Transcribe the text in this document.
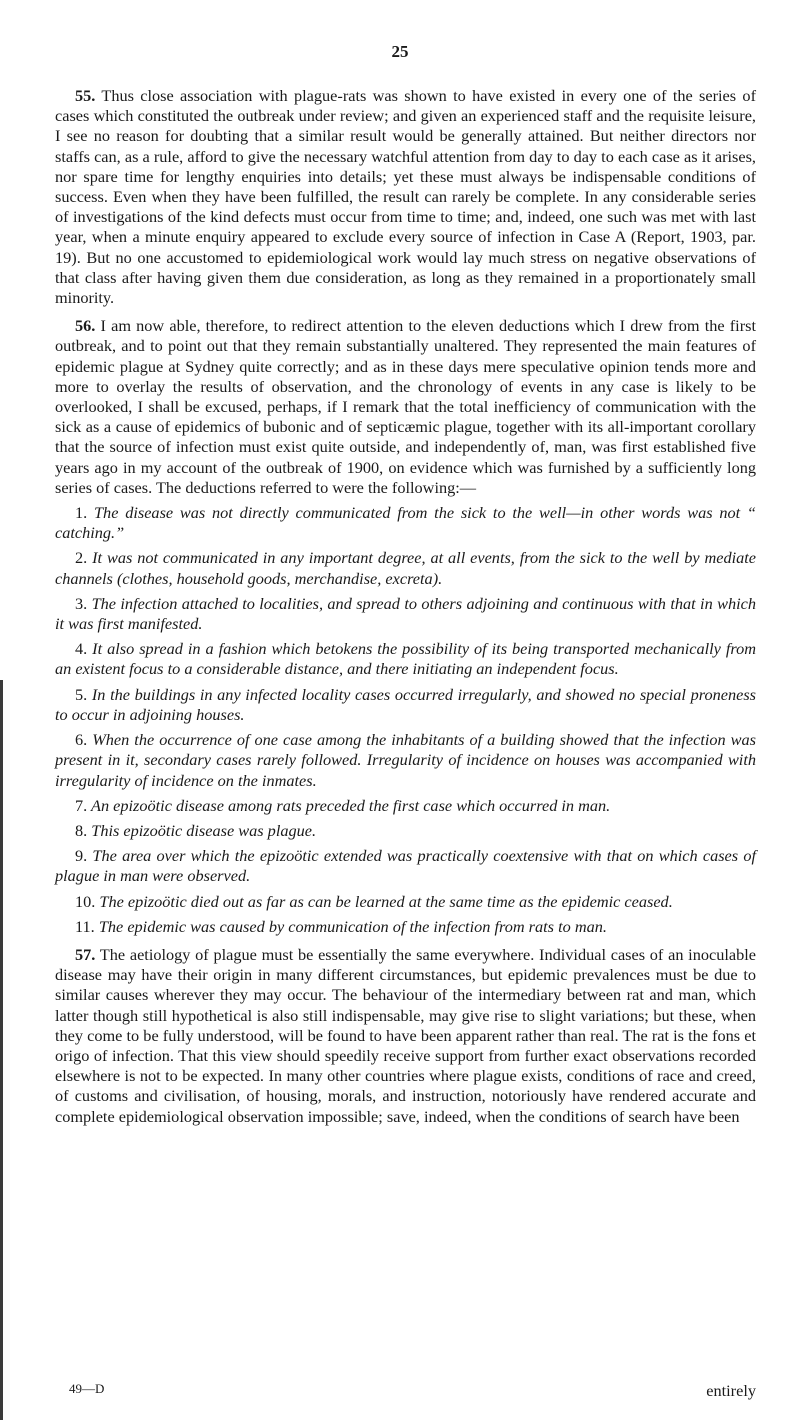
25

55. Thus close association with plague-rats was shown to have existed in every one of the series of cases which constituted the outbreak under review; and given an experienced staff and the requisite leisure, I see no reason for doubting that a similar result would be generally attained. But neither directors nor staffs can, as a rule, afford to give the necessary watchful attention from day to day to each case as it arises, nor spare time for lengthy enquiries into details; yet these must always be indispensable conditions of success. Even when they have been fulfilled, the result can rarely be complete. In any considerable series of investigations of the kind defects must occur from time to time; and, indeed, one such was met with last year, when a minute enquiry appeared to exclude every source of infection in Case A (Report, 1903, par. 19). But no one accustomed to epidemiological work would lay much stress on negative observations of that class after having given them due consideration, as long as they remained in a proportionately small minority.

56. I am now able, therefore, to redirect attention to the eleven deductions which I drew from the first outbreak, and to point out that they remain substantially unaltered. They represented the main features of epidemic plague at Sydney quite correctly; and as in these days mere speculative opinion tends more and more to overlay the results of observation, and the chronology of events in any case is likely to be overlooked, I shall be excused, perhaps, if I remark that the total inefficiency of communication with the sick as a cause of epidemics of bubonic and of septicæmic plague, together with its all-important corollary that the source of infection must exist quite outside, and independently of, man, was first established five years ago in my account of the outbreak of 1900, on evidence which was furnished by a sufficiently long series of cases. The deductions referred to were the following:—

1. The disease was not directly communicated from the sick to the well—in other words was not “ catching.”

2. It was not communicated in any important degree, at all events, from the sick to the well by mediate channels (clothes, household goods, merchandise, excreta).

3. The infection attached to localities, and spread to others adjoining and continuous with that in which it was first manifested.

4. It also spread in a fashion which betokens the possibility of its being transported mechanically from an existent focus to a considerable distance, and there initiating an independent focus.

5. In the buildings in any infected locality cases occurred irregularly, and showed no special proneness to occur in adjoining houses.

6. When the occurrence of one case among the inhabitants of a building showed that the infection was present in it, secondary cases rarely followed. Irregularity of incidence on houses was accompanied with irregularity of incidence on the inmates.

7. An epizoötic disease among rats preceded the first case which occurred in man.

8. This epizoötic disease was plague.

9. The area over which the epizoötic extended was practically coextensive with that on which cases of plague in man were observed.

10. The epizoötic died out as far as can be learned at the same time as the epidemic ceased.

11. The epidemic was caused by communication of the infection from rats to man.

57. The aetiology of plague must be essentially the same everywhere. Individual cases of an inoculable disease may have their origin in many different circumstances, but epidemic prevalences must be due to similar causes wherever they may occur. The behaviour of the intermediary between rat and man, which latter though still hypothetical is also still indispensable, may give rise to slight variations; but these, when they come to be fully understood, will be found to have been apparent rather than real. The rat is the fons et origo of infection. That this view should speedily receive support from further exact observations recorded elsewhere is not to be expected. In many other countries where plague exists, conditions of race and creed, of customs and civilisation, of housing, morals, and instruction, notoriously have rendered accurate and complete epidemiological observation impossible; save, indeed, when the conditions of search have been

49—D	entirely
